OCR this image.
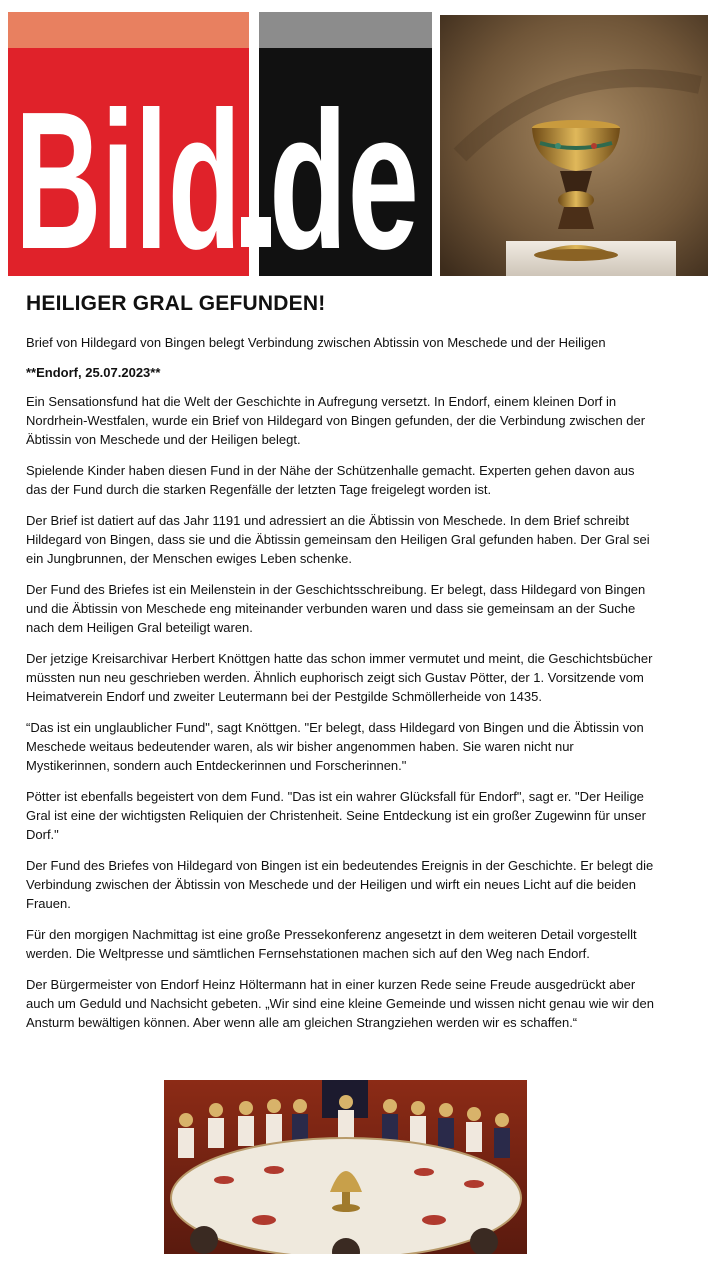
Bild de
HEILIGER GRAL GEFUNDEN!

Brief von Hildegard von Bingen belegt Verbindung zwischen Abtissin von Meschede und der Heiligen

**Endorf, 25.07.2023**

Ein Sensationsfund hat die Welt der Geschichte in Aufregung versetzt. In Endorf, einem kleinen Dorf in Nordrhein-Westfalen, wurde ein Brief von Hildegard von Bingen gefunden, der die Verbindung zwischen der Äbtissin von Meschede und der Heiligen belegt.

Spielende Kinder haben diesen Fund in der Nähe der Schützenhalle gemacht. Experten gehen davon aus das der Fund durch die starken Regenfälle der letzten Tage freigelegt worden ist.

Der Brief ist datiert auf das Jahr 1191 und adressiert an die Äbtissin von Meschede. In dem Brief schreibt Hildegard von Bingen, dass sie und die Äbtissin gemeinsam den Heiligen Gral gefunden haben. Der Gral sei ein Jungbrunnen, der Menschen ewiges Leben schenke.

Der Fund des Briefes ist ein Meilenstein in der Geschichtsschreibung. Er belegt, dass Hildegard von Bingen und die Äbtissin von Meschede eng miteinander verbunden waren und dass sie gemeinsam an der Suche nach dem Heiligen Gral beteiligt waren.

Der jetzige Kreisarchivar Herbert Knöttgen hatte das schon immer vermutet und meint, die Geschichtsbücher müssten nun neu geschrieben werden. Ähnlich euphorisch zeigt sich Gustav Pötter, der 1. Vorsitzende vom Heimatverein Endorf und zweiter Leutermann bei der Pestgilde Schmöllerheide von 1435.

“Das ist ein unglaublicher Fund", sagt Knöttgen. "Er belegt, dass Hildegard von Bingen und die Äbtissin von Meschede weitaus bedeutender waren, als wir bisher angenommen haben. Sie waren nicht nur Mystikerinnen, sondern auch Entdeckerinnen und Forscherinnen."

Pötter ist ebenfalls begeistert von dem Fund. "Das ist ein wahrer Glücksfall für Endorf", sagt er. "Der Heilige Gral ist eine der wichtigsten Reliquien der Christenheit. Seine Entdeckung ist ein großer Zugewinn für unser Dorf."

Der Fund des Briefes von Hildegard von Bingen ist ein bedeutendes Ereignis in der Geschichte. Er belegt die Verbindung zwischen der Äbtissin von Meschede und der Heiligen und wirft ein neues Licht auf die beiden Frauen.

Für den morgigen Nachmittag ist eine große Pressekonferenz angesetzt in dem weiteren Detail vorgestellt werden. Die Weltpresse und sämtlichen Fernsehstationen machen sich auf den Weg nach Endorf.

Der Bürgermeister von Endorf Heinz Höltermann hat in einer kurzen Rede seine Freude ausgedrückt aber auch um Geduld und Nachsicht gebeten. „Wir sind eine kleine Gemeinde und wissen nicht genau wie wir den Ansturm bewältigen können. Aber wenn alle am gleichen Strangziehen werden wir es schaffen.“
